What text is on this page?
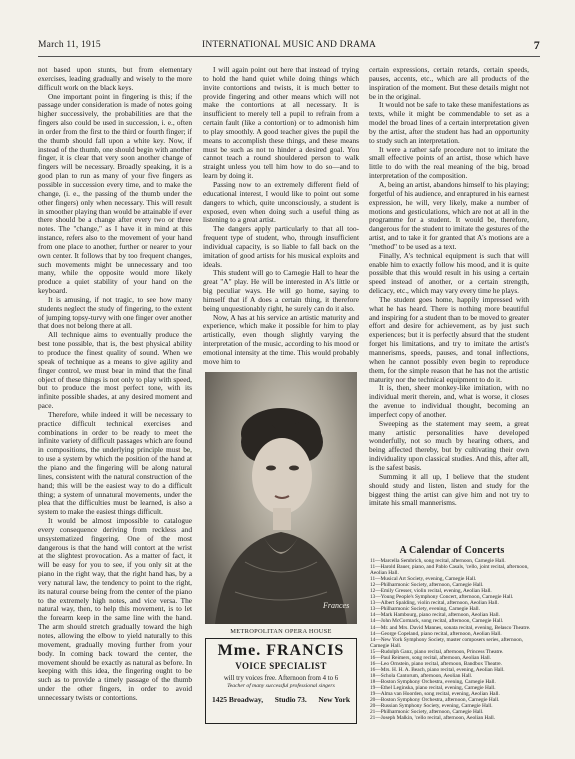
March 11, 1915	INTERNATIONAL MUSIC AND DRAMA	7

not based upon stunts, but from elementary exercises, leading gradually and wisely to the more difficult work on the black keys.

One important point in fingering is this; if the passage under consideration is made of notes going higher successively, the probabilities are that the fingers also could be used in succession, i. e., often in order from the first to the third or fourth finger; if the thumb should fall upon a white key. Now, if instead of the thumb, one should begin with another finger, it is clear that very soon another change of fingers will be necessary. Broadly speaking, it is a good plan to run as many of your five fingers as possible in succession every time, and to make the change, (i. e., the passing of the thumb under the other fingers) only when necessary. This will result in smoother playing than would be attainable if ever there should be a change after every two or three notes. The "change," as I have it in mind at this instance, refers also to the movement of your hand from one place to another, further or nearer to your own center. It follows that by too frequent changes, such movements might be unnecessary and too many, while the opposite would more likely produce a quiet stability of your hand on the keyboard.

It is amusing, if not tragic, to see how many students neglect the study of fingering, to the extent of jumping topsy-turvy with one finger over another that does not belong there at all.

All technique aims to eventually produce the best tone possible, that is, the best physical ability to produce the finest quality of sound. When we speak of technique as a means to give agility and finger control, we must bear in mind that the final object of these things is not only to play with speed, but to produce the most perfect tone, with its infinite possible shades, at any desired moment and pace.

Therefore, while indeed it will be necessary to practice difficult technical exercises and combinations in order to be ready to meet the infinite variety of difficult passages which are found in compositions, the underlying principle must be, to use a system by which the position of the hand at the piano and the fingering will be along natural lines, consistent with the natural construction of the hand; this will be the easiest way to do a difficult thing; a system of unnatural movements, under the plea that the difficulties must be learned, is also a system to make the easiest things difficult.

It would be almost impossible to catalogue every consequence deriving from reckless and unsystematized fingering. One of the most dangerous is that the hand will contort at the wrist at the slightest provocation. As a matter of fact, it will be easy for you to see, if you only sit at the piano in the right way, that the right hand has, by a very natural law, the tendency to point to the right, its natural course being from the center of the piano to the extremely high notes, and vice versa. The natural way, then, to help this movement, is to let the forearm keep in the same line with the hand. The arm should stretch gradually toward the high notes, allowing the elbow to yield naturally to this movement, gradually moving further from your body. In coming back toward the center, the movement should be exactly as natural as before. In keeping with this idea, the fingering ought to be such as to provide a timely passage of the thumb under the other fingers, in order to avoid unnecessary twists or contortions.

I will again point out here that instead of trying to hold the hand quiet while doing things which invite contortions and twists, it is much better to provide fingering and other means which will not make the contortions at all necessary. It is insufficient to merely tell a pupil to refrain from a certain fault (like a contortion) or to admonish him to play smoothly. A good teacher gives the pupil the means to accomplish these things, and these means must be such as not to hinder a desired goal. You cannot teach a round shouldered person to walk straight unless you tell him how to do so—and to learn by doing it.

Passing now to an extremely different field of educational interest, I would like to point out some dangers to which, quite unconsciously, a student is exposed, even when doing such a useful thing as listening to a great artist.

The dangers apply particularly to that all too-frequent type of student, who, through insufficient individual capacity, is so liable to fall back on the imitation of good artists for his musical exploits and ideals.

This student will go to Carnegie Hall to hear the great "A" play. He will be interested in A's little or big peculiar ways. He will go home, saying to himself that if A does a certain thing, it therefore being unquestionably right, he surely can do it also.

Now, A has at his service an artistic maturity and experience, which make it possible for him to play artistically, even though slightly varying the interpretation of the music, according to his mood or emotional intensity at the time. This would probably move him to

Frances
METROPOLITAN OPERA HOUSE
Mme. FRANCIS
VOICE SPECIALIST
will try voices free. Afternoon from 4 to 6
Teacher of many successful professional singers
1425 Broadway, Studio 73. New York

certain expressions, certain retards, certain speeds, pauses, accents, etc., which are all products of the inspiration of the moment. But these details might not be in the original.

It would not be safe to take these manifestations as texts, while it might be commendable to set as a model the broad lines of a certain interpretation given by the artist, after the student has had an opportunity to study such an interpretation.

It were a rather safe procedure not to imitate the small effective points of an artist, those which have little to do with the real meaning of the big, broad interpretation of the composition.

A, being an artist, abandons himself to his playing; forgetful of his audience, and enraptured in his earnest expression, he will, very likely, make a number of motions and gesticulations, which are not at all in the programme for a student. It would be, therefore, dangerous for the student to imitate the gestures of the artist, and to take it for granted that A's motions are a "method" to be used as a text.

Finally, A's technical equipment is such that will enable him to exactly follow his mood, and it is quite possible that this would result in his using a certain speed instead of another, or a certain strength, delicacy, etc., which may vary every time he plays.

The student goes home, happily impressed with what he has heard. There is nothing more beautiful and inspiring for a student than to be moved to greater effort and desire for achievement, as by just such experiences; but it is perfectly absurd that the student forget his limitations, and try to imitate the artist's mannerisms, speeds, pauses, and tonal inflections, when he cannot possibly even begin to reproduce them, for the simple reason that he has not the artistic maturity nor the technical equipment to do it.

It is, then, sheer monkey-like imitation, with no individual merit therein, and, what is worse, it closes the avenue to individual thought, becoming an imperfect copy of another.

Sweeping as the statement may seem, a great many artistic personalities have developed wonderfully, not so much by hearing others, and being affected thereby, but by cultivating their own individuality upon classical studies. And this, after all, is the safest basis.

Summing it all up, I believe that the student should study and listen, listen and study for the biggest thing the artist can give him and not try to imitate his small mannerisms.

A Calendar of Concerts
11—Marcella Sembrich, song recital, afternoon, Carnegie Hall.
11—Harold Bauer, piano, and Pablo Casals, 'cello, joint recital, afternoon, Aeolian Hall.
11—Musical Art Society, evening, Carnegie Hall.
12—Philharmonic Society, afternoon, Carnegie Hall.
12—Emily Gresser, violin recital, evening, Aeolian Hall.
13—Young People's Symphony Concert, afternoon, Carnegie Hall.
13—Albert Spalding, violin recital, afternoon, Aeolian Hall.
13—Philharmonic Society, evening, Carnegie Hall.
14—Mark Hambourg, piano recital, afternoon, Aeolian Hall.
14—John McCormack, song recital, afternoon, Carnegie Hall.
14—Mr. and Mrs. David Mannes, sonata recital, evening, Belasco Theatre.
14—George Copeland, piano recital, afternoon, Aeolian Hall.
14—New York Symphony Society, master composers series, afternoon, Carnegie Hall.
15—Rudolph Ganz, piano recital, afternoon, Princess Theatre.
16—Paul Reimers, song recital, afternoon, Aeolian Hall.
16—Leo Ornstein, piano recital, afternoon, Bandbox Theatre.
16—Mrs. H. H. A. Beach, piano recital, evening, Aeolian Hall.
18—Schola Cantorum, afternoon, Aeolian Hall.
18—Boston Symphony Orchestra, evening, Carnegie Hall.
19—Ethel Leginska, piano recital, evening, Carnegie Hall.
19—Alma van Hoorden, song recital, evening, Aeolian Hall.
20—Boston Symphony Orchestra, afternoon, Carnegie Hall.
20—Russian Symphony Society, evening, Carnegie Hall.
21—Philharmonic Society, afternoon, Carnegie Hall.
21—Joseph Malkin, 'cello recital, afternoon, Aeolian Hall.
